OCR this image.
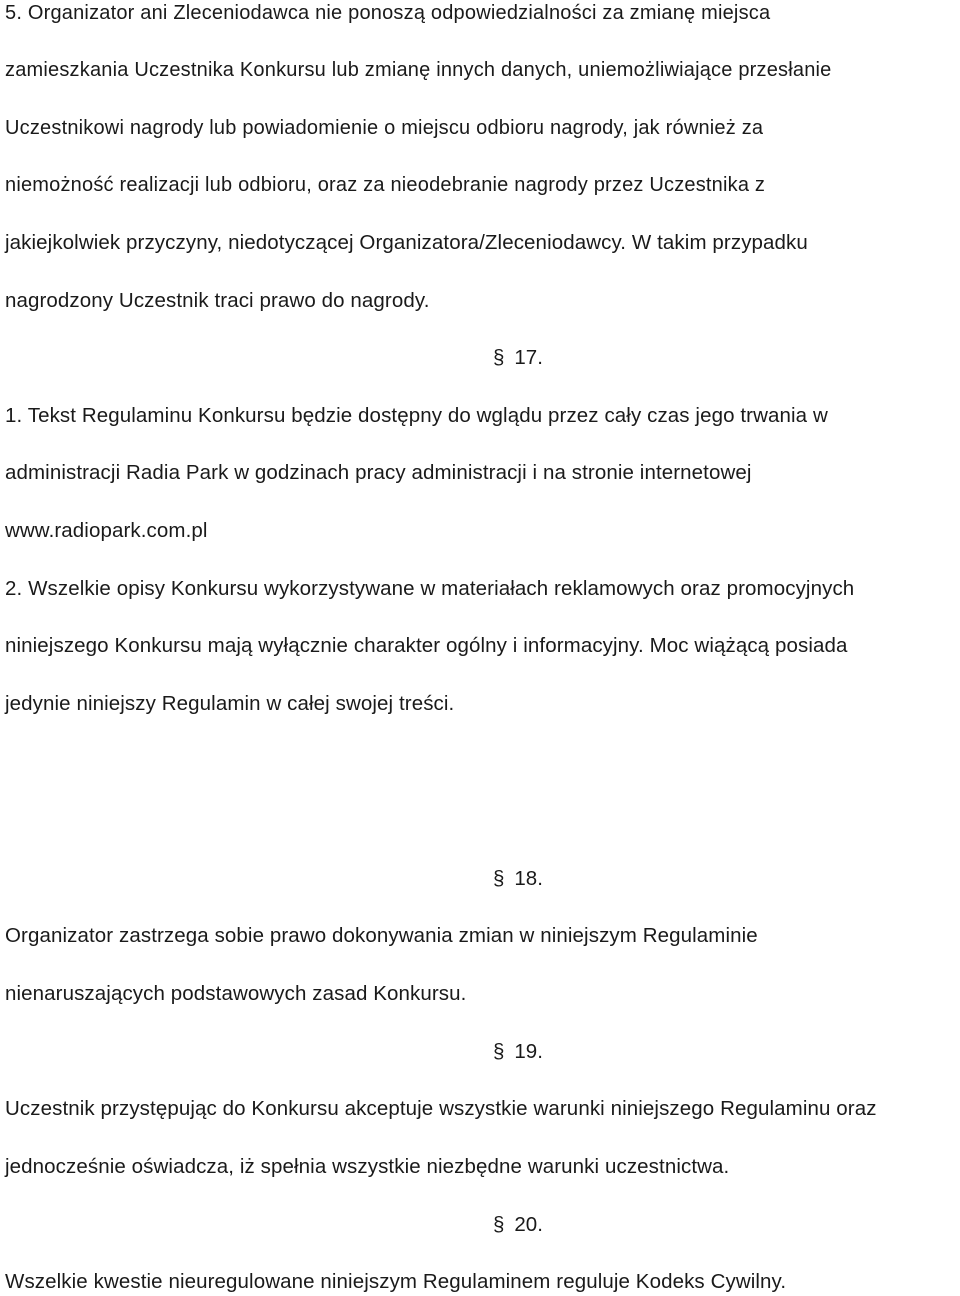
5. Organizator ani Zleceniodawca nie ponoszą odpowiedzialności za zmianę miejsca
zamieszkania Uczestnika Konkursu lub zmianę innych danych, uniemożliwiające przesłanie
Uczestnikowi nagrody lub powiadomienie o miejscu odbioru nagrody, jak również za
niemożność realizacji lub odbioru, oraz za nieodebranie nagrody przez Uczestnika z
jakiejkolwiek przyczyny, niedotyczącej Organizatora/Zleceniodawcy. W takim przypadku
nagrodzony Uczestnik traci prawo do nagrody.
§ 17.
1. Tekst Regulaminu Konkursu będzie dostępny do wglądu przez cały czas jego trwania w
administracji Radia Park w godzinach pracy administracji i na stronie internetowej
www.radiopark.com.pl
2. Wszelkie opisy Konkursu wykorzystywane w materiałach reklamowych oraz promocyjnych
niniejszego Konkursu mają wyłącznie charakter ogólny i informacyjny. Moc wiążącą posiada
jedynie niniejszy Regulamin w całej swojej treści.
§ 18.
Organizator zastrzega sobie prawo dokonywania zmian w niniejszym Regulaminie
nienaruszających podstawowych zasad Konkursu.
§ 19.
Uczestnik przystępując do Konkursu akceptuje wszystkie warunki niniejszego Regulaminu oraz
jednocześnie oświadcza, iż spełnia wszystkie niezbędne warunki uczestnictwa.
§ 20.
Wszelkie kwestie nieuregulowane niniejszym Regulaminem reguluje Kodeks Cywilny.
